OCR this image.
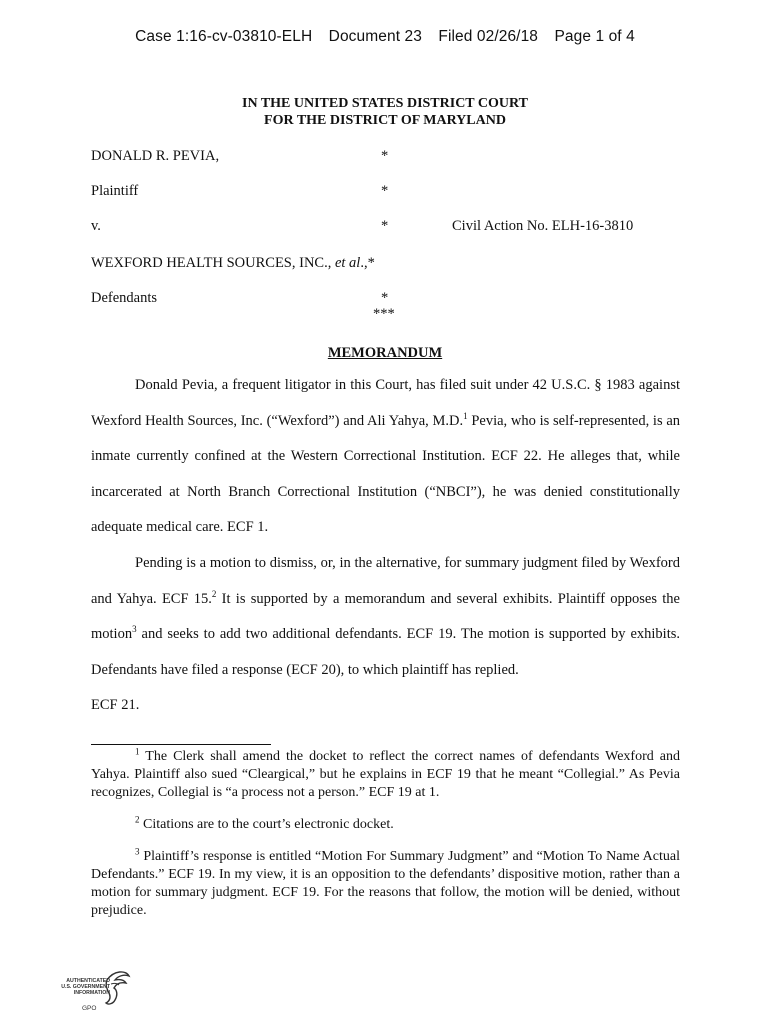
Case 1:16-cv-03810-ELH Document 23 Filed 02/26/18 Page 1 of 4
IN THE UNITED STATES DISTRICT COURT
FOR THE DISTRICT OF MARYLAND
DONALD R. PEVIA,	*
Plaintiff	*
v.	*	Civil Action No. ELH-16-3810
WEXFORD HEALTH SOURCES, INC., et al.,*
Defendants	*
***
MEMORANDUM

Donald Pevia, a frequent litigator in this Court, has filed suit under 42 U.S.C. § 1983 against Wexford Health Sources, Inc. (“Wexford”) and Ali Yahya, M.D.$^1$ Pevia, who is self-represented, is an inmate currently confined at the Western Correctional Institution. ECF 22. He alleges that, while incarcerated at North Branch Correctional Institution (“NBCI”), he was denied constitutionally adequate medical care. ECF 1.

Pending is a motion to dismiss, or, in the alternative, for summary judgment filed by Wexford and Yahya. ECF 15.$^2$ It is supported by a memorandum and several exhibits. Plaintiff opposes the motion$^3$ and seeks to add two additional defendants. ECF 19. The motion is supported by exhibits. Defendants have filed a response (ECF 20), to which plaintiff has replied.

ECF 21.

$^1$ The Clerk shall amend the docket to reflect the correct names of defendants Wexford and Yahya. Plaintiff also sued “Cleargical,” but he explains in ECF 19 that he meant “Collegial.” As Pevia recognizes, Collegial is “a process not a person.” ECF 19 at 1.

$^2$ Citations are to the court’s electronic docket.

$^3$ Plaintiff’s response is entitled “Motion For Summary Judgment” and “Motion To Name Actual Defendants.” ECF 19. In my view, it is an opposition to the defendants’ dispositive motion, rather than a motion for summary judgment. ECF 19. For the reasons that follow, the motion will be denied, without prejudice.

AUTHENTICATED
U.S. GOVERNMENT
INFORMATION
GPO
